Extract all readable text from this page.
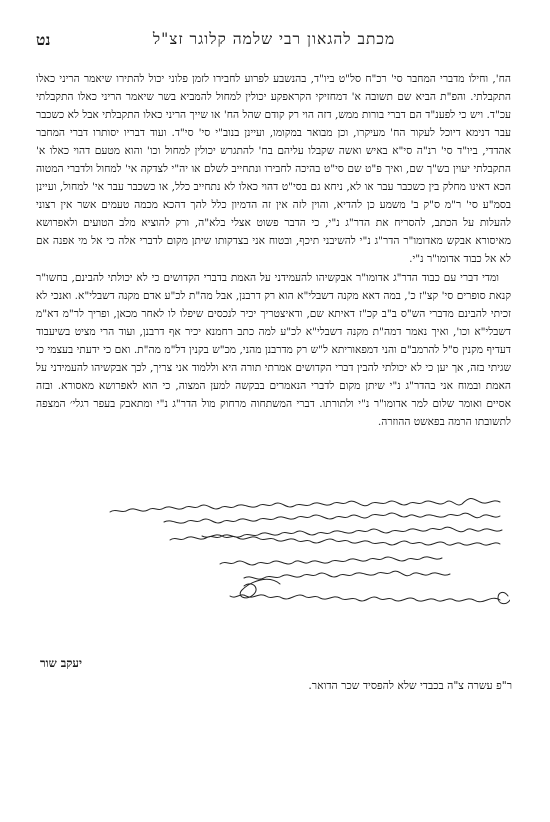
מכתב להגאון רבי שלמה קלוגר זצ"ל
נט

הח', וחילו מדברי המחבר סי' רכ"ח סל"ט ביו"ד, בהנשבע לפרוע לחבירו לזמן פלוני יכול להתירו שיאמר הריני כאלו התקבלתי. והפ"ת הביא שם תשובה א' דמחזיקי הקראפקע יכולין למחול להמביא בשר שיאמר הריני כאלו התקבלתי עכ"ד. ויש כי לפענ"ד הם דברי בורות ממש, דזה הוי רק קודם שהל הח' או שייך הריני כאלו התקבלתי אבל לא כשכבר עבר דנימא דיוכל לעקור הח' מעיקרו, וכן מבואר במקומו, ועיינן בנוב"י סי' סי"ד. ועוד דבריו יסותרו דברי המחבר אהדדי, ביו"ד סי' רנ"ה סי"א באיש ואשה שקבלו עליהם בח' להתגרש יכולין למחול וכו' והוא מטעם דהוי כאלו א' התקבלתי יעוין בש"ך שם, ואיך פ"ט שם סי"ט בהיכה לחבירו ונתחייב לשלם או יה"י לצדקה אי' למחול ולדברי המטוה הכא דאינו מחלק בין כשכבר עבר או לא, ניחא גם בסי"ט דהוי כאלו לא נתחייב כלל, או כשכבר עבר אי' למחול, ועיינן בסמ"ע סי' ר"מ ס"ק ב' משמע כן להדיא, והוין לזה אין זה הדמיון כלל להך דהכא מכמה טעמים אשר אין רצוני להעלות על הכתב, להסריח את הדר"ג נ"י, כי הדבר פשוט אצלי בלא"ה, ורק להוציא מלב הטועים ולאפרושא מאיסורא אבקש מאדומו"ר הדר"ג נ"י להשיבני תיכף, ובטוח אני בצדקותו שיתן מקום לדברי אלה כי אל מי אפנה אם לא אל כבוד אדומו"ר נ"י.

ומדי דברי עם כבוד הדר"ג אדומו"ר אבקשיהו להעמידני על האמת בדברי הקדושים כי לא יכולתי להבינם, בחשו"ר קנאת סופרים סי' קצ"ז כ', במה דאא מקנה דשבלי"א הוא רק דרבנן, אבל מה"ת לכ"ע אדם מקנה דשבלי"א. ואנכי לא זכיתי להבינם מדברי הש"ס ב"ב קכ"ז דאיתא שם, ודאיצטריך יכיר לנכסים שיפלו לו לאחר מכאן, ופריך לר"מ דא"מ דשבלי"א וכו', ואיך נאמר דמה"ת מקנה דשבלי"א לכ"ע למה כתב רחמנא יכיר אף דרבנן, ועוד הרי מציט בשיעבוד דעדיף מקנין ס"ל להרמב"ם והני דמפאוריתא ל"ש רק מדרבנן מהני, מכ"ש בקנין דל"מ מה"ת. ואם כי ידעתי בעצמי כי שגיתי בזה, אך יען כי לא יכולתי להבין דברי הקדושים אמרתי תורה היא וללמוד אני צריך, לכך אבקשיהו להעמידני על האמת ובמוח אני בהדר"ג נ"י שיתן מקום לדברי הנאמרים בבקשה למען המצוה, כי הוא לאפרושא מאסורא. ובזה אסיים ואומר שלום למר אדומו"ר נ"י ולתורתו. דברי המשתחוה מרחוק מול הדר"ג נ"י ומתאבק בעפר רגלי׳ המצפה לתשובתו הרמה בפאשט ההוזרה.

יעקב שור
ר"פ עשרה צ"ה בכבדי שלא להפסיד שכר הדואר.
